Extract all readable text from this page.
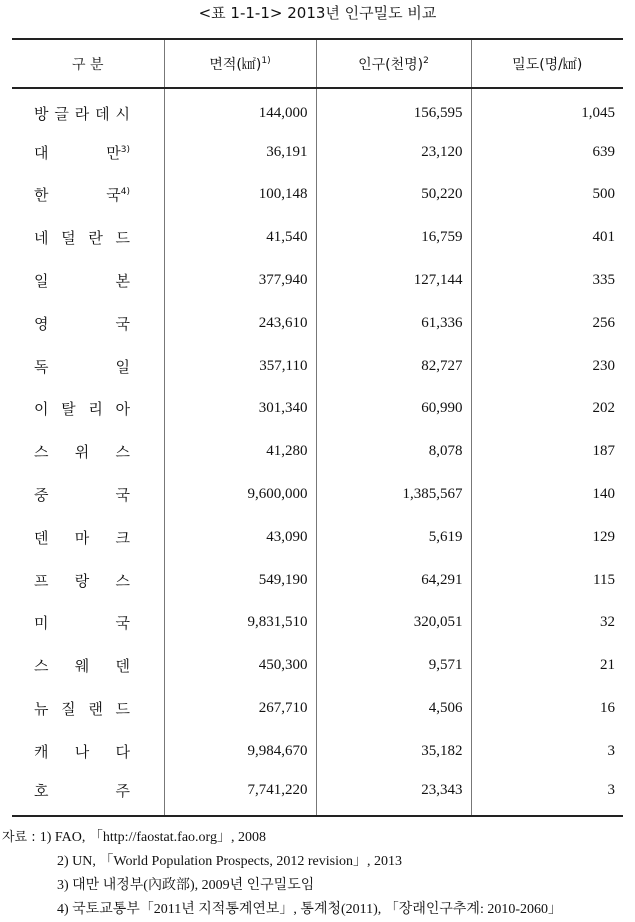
<표 1-1-1> 2013년 인구밀도 비교
구 분	면적(㎢)$^{1)}$	인구(천명)$^2$	밀도(명/㎢)

방 글 라 데 시	144,000	156,595	1,045

대 만$^{3)}$	36,191	23,120	639

한 국$^{4)}$	100,148	50,220	500

네 덜 란 드	41,540	16,759	401

일 본	377,940	127,144	335

영 국	243,610	61,336	256

독 일	357,110	82,727	230

이 탈 리 아	301,340	60,990	202

스 위 스	41,280	8,078	187

중 국	9,600,000	1,385,567	140

덴 마 크	43,090	5,619	129

프 랑 스	549,190	64,291	115

미 국	9,831,510	320,051	32

스 웨 덴	450,300	9,571	21

뉴 질 랜 드	267,710	4,506	16

캐 나 다	9,984,670	35,182	3

호 주	7,741,220	23,343	3
자료 : 1) FAO, 「http://faostat.fao.org」, 2008
2) UN, 「World Population Prospects, 2012 revision」, 2013
3) 대만 내정부(內政部), 2009년 인구밀도임
4) 국토교통부「2011년 지적통계연보」, 통계청(2011), 「장래인구추계: 2010-2060」
